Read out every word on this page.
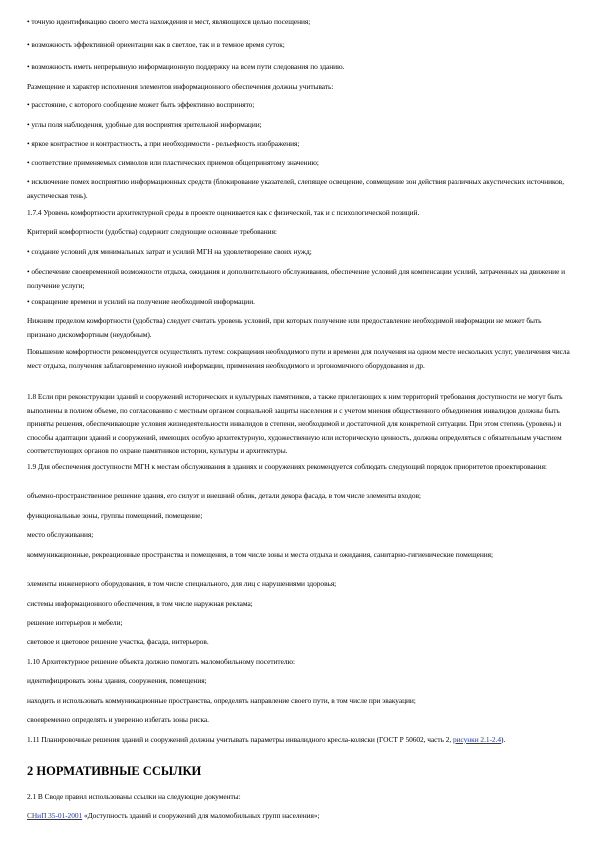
• точную идентификацию своего места нахождения и мест, являющихся целью посещения;

• возможность эффективной ориентации как в светлое, так и в темное время суток;

• возможность иметь непрерывную информационную поддержку на всем пути следования по зданию.

Размещение и характер исполнения элементов информационного обеспечения должны учитывать:

• расстояние, с которого сообщение может быть эффективно воспринято;

• углы поля наблюдения, удобные для восприятия зрительной информации;

• яркое контрастное и контрастность, а при необходимости - рельефность изображения;

• соответствие применяемых символов или пластических приемов общепринятому значению;

• исключение помех восприятию информационных средств (блокирование указателей, слепящее освещение, совмещение зон действия различных акустических источников, акустическая тень).

1.7.4 Уровень комфортности архитектурной среды в проекте оценивается как с физической, так и с психологической позиций.

Критерий комфортности (удобства) содержит следующие основные требования:

• создание условий для минимальных затрат и усилий МГН на удовлетворение своих нужд;

• обеспечение своевременной возможности отдыха, ожидания и дополнительного обслуживания, обеспечение условий для компенсации усилий, затраченных на движение и получение услуги;

• сокращение времени и усилий на получение необходимой информации.

Нижним пределом комфортности (удобства) следует считать уровень условий, при которых получение или предоставление необходимой информации не может быть признано дискомфортным (неудобным).

Повышение комфортности рекомендуется осуществлять путем: сокращения необходимого пути и времени для получения на одном месте нескольких услуг, увеличения числа мест отдыха, получения заблаговременно нужной информации, применения необходимого и эргономичного оборудования и др.

1.8 Если при реконструкции зданий и сооружений исторических и культурных памятников, а также прилегающих к ним территорий требования доступности не могут быть выполнены в полном объеме, по согласованию с местным органом социальной защиты населения и с учетом мнения общественного объединения инвалидов должны быть приняты решения, обеспечивающие условия жизнедеятельности инвалидов в степени, необходимой и достаточной для конкретной ситуации. При этом степень (уровень) и способы адаптации зданий и сооружений, имеющих особую архитектурную, художественную или историческую ценность, должны определяться с обязательным участием соответствующих органов по охране памятников истории, культуры и архитектуры.

1.9 Для обеспечения доступности МГН к местам обслуживания в зданиях и сооружениях рекомендуется соблюдать следующий порядок приоритетов проектирования:

объемно-пространственное решение здания, его силуэт и внешний облик, детали декора фасада, в том числе элементы входов;

функциональные зоны, группы помещений, помещение;

место обслуживания;

коммуникационные, рекреационные пространства и помещения, в том числе зоны и места отдыха и ожидания, санитарно-гигиенические помещения;

элементы инженерного оборудования, в том числе специального, для лиц с нарушениями здоровья;

системы информационного обеспечения, в том числе наружная реклама;

решение интерьеров и мебели;

световое и цветовое решение участка, фасада, интерьеров.

1.10 Архитектурное решение объекта должно помогать маломобильному посетителю:

идентифицировать зоны здания, сооружения, помещения;

находить и использовать коммуникационные пространства, определять направление своего пути, в том числе при эвакуации;

своевременно определять и уверенно избегать зоны риска.

1.11 Планировочные решения зданий и сооружений должны учитывать параметры инвалидного кресла-коляски (ГОСТ Р 50602, часть 2, рисунки 2.1-2.4).

2 НОРМАТИВНЫЕ ССЫЛКИ

2.1 В Своде правил использованы ссылки на следующие документы:

СНиП 35-01-2001 «Доступность зданий и сооружений для маломобильных групп населения»;
